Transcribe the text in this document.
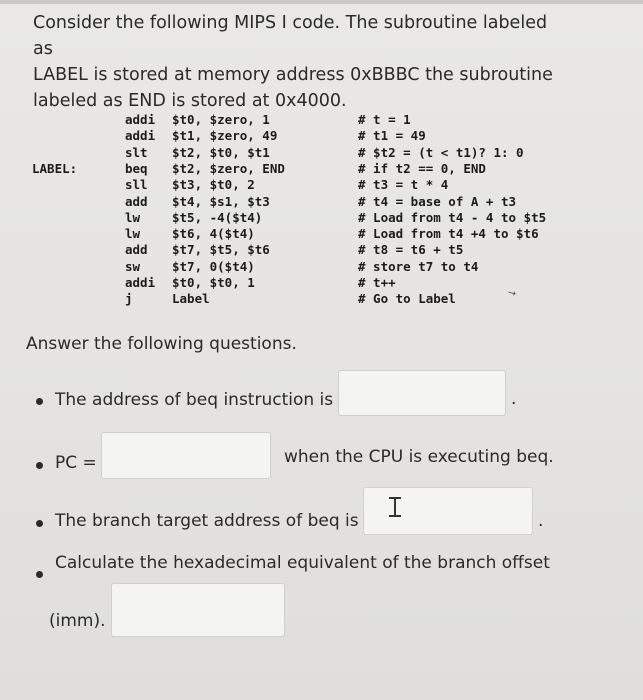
Consider the following MIPS I code. The subroutine labeled as
LABEL is stored at memory address 0xBBBC the subroutine
labeled as END is stored at 0x4000.
addi $t0, $zero, 1	# t = 1
addi $t1, $zero, 49	# t1 = 49
slt $t2, $t0, $t1	# $t2 = (t < t1)? 1: 0
LABEL:	beq $t2, $zero, END	# if t2 == 0, END
sll $t3, $t0, 2	# t3 = t * 4
add $t4, $s1, $t3	# t4 = base of A + t3
lw	$t5, -4($t4)	# Load from t4 - 4 to $t5
lw	$t6, 4($t4)	# Load from t4 +4 to $t6
add $t7, $t5, $t6	# t8 = t6 + t5
sw	$t7, 0($t4)	# store t7 to t4
addi $t0, $t0, 1	# t++
j	Label	# Go to Label	↘
Answer the following questions.
The address of beq instruction is	.
PC =	when the CPU is executing beq.
The branch target address of beq is	.
Calculate the hexadecimal equivalent of the branch offset
(imm).
